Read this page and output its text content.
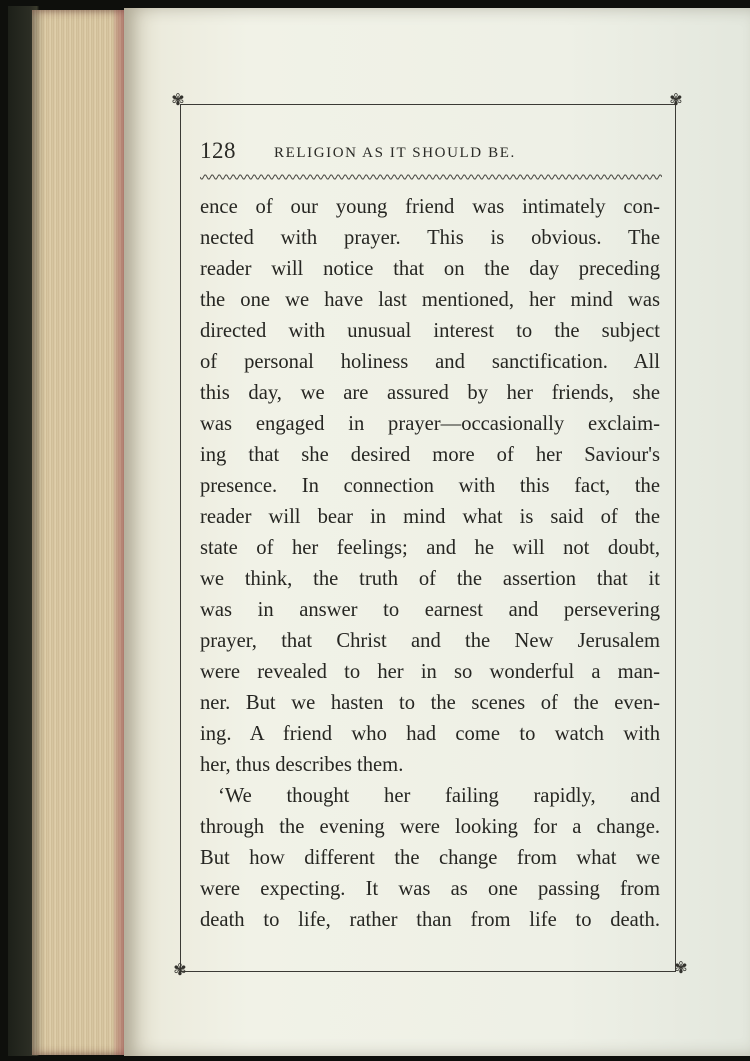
✾	✾
✾	✾
128	RELIGION AS IT SHOULD BE.
ence of our young friend was intimately con-
nected with prayer. This is obvious. The
reader will notice that on the day preceding
the one we have last mentioned, her mind was
directed with unusual interest to the subject
of personal holiness and sanctification. All
this day, we are assured by her friends, she
was engaged in prayer—occasionally exclaim-
ing that she desired more of her Saviour's
presence. In connection with this fact, the
reader will bear in mind what is said of the
state of her feelings; and he will not doubt,
we think, the truth of the assertion that it
was in answer to earnest and persevering
prayer, that Christ and the New Jerusalem
were revealed to her in so wonderful a man-
ner. But we hasten to the scenes of the even-
ing. A friend who had come to watch with
her, thus describes them.
‘We thought her failing rapidly, and
through the evening were looking for a change.
But how different the change from what we
were expecting. It was as one passing from
death to life, rather than from life to death.
